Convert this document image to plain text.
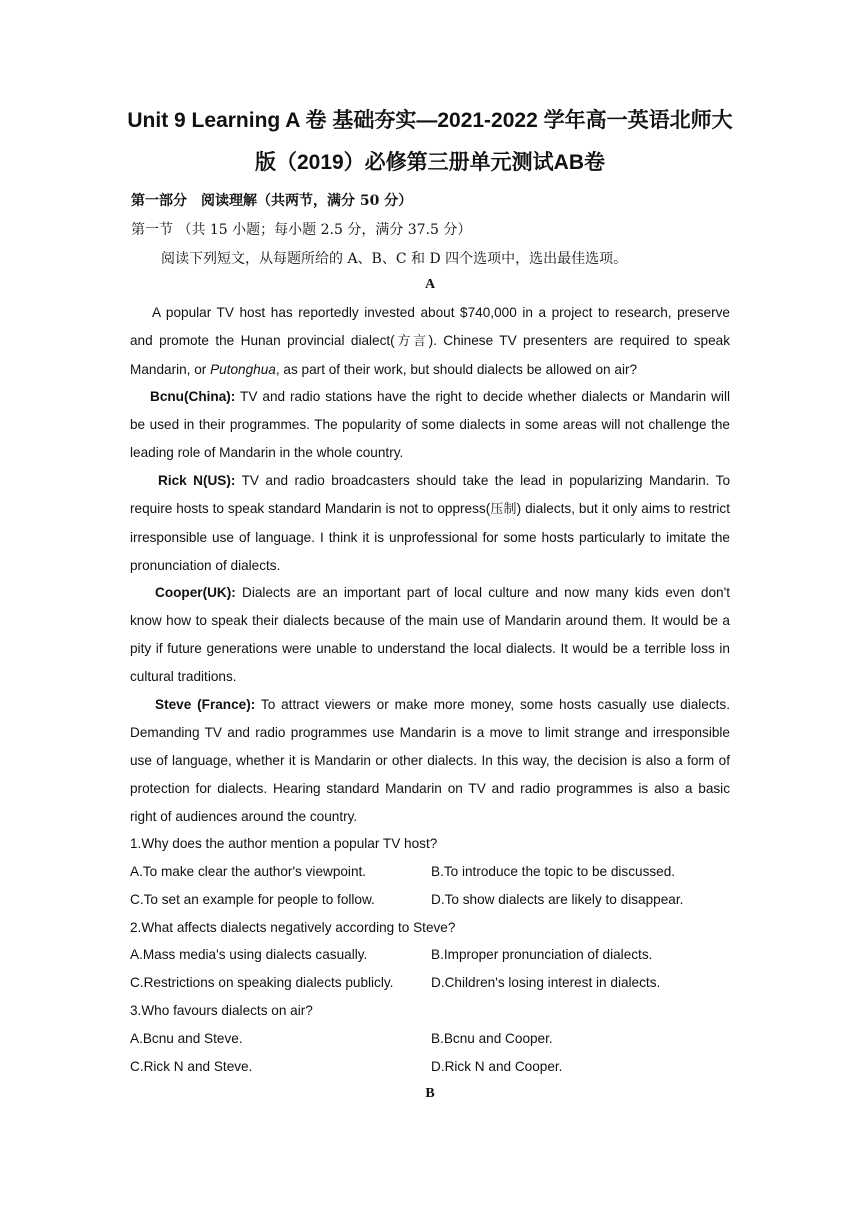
Unit 9 Learning A 卷 基础夯实—2021-2022 学年高一英语北师大
版（2019）必修第三册单元测试AB卷
第一部分　阅读理解（共两节，满分 50 分）
第一节 （共 15 小题；每小题 2.5 分，满分 37.5 分）
阅读下列短文，从每题所给的 A、B、C 和 D 四个选项中，选出最佳选项。
A
A popular TV host has reportedly invested about $740,000 in a project to research, preserve and promote the Hunan provincial dialect(方言). Chinese TV presenters are required to speak Mandarin, or Putonghua, as part of their work, but should dialects be allowed on air?
Bcnu(China): TV and radio stations have the right to decide whether dialects or Mandarin will be used in their programmes. The popularity of some dialects in some areas will not challenge the leading role of Mandarin in the whole country.
Rick N(US): TV and radio broadcasters should take the lead in popularizing Mandarin. To require hosts to speak standard Mandarin is not to oppress(压制) dialects, but it only aims to restrict irresponsible use of language. I think it is unprofessional for some hosts particularly to imitate the pronunciation of dialects.
Cooper(UK): Dialects are an important part of local culture and now many kids even don't know how to speak their dialects because of the main use of Mandarin around them. It would be a pity if future generations were unable to understand the local dialects. It would be a terrible loss in cultural traditions.
Steve (France): To attract viewers or make more money, some hosts casually use dialects. Demanding TV and radio programmes use Mandarin is a move to limit strange and irresponsible use of language, whether it is Mandarin or other dialects. In this way, the decision is also a form of protection for dialects. Hearing standard Mandarin on TV and radio programmes is also a basic right of audiences around the country.
1.Why does the author mention a popular TV host?
A.To make clear the author's viewpoint.	B.To introduce the topic to be discussed.
C.To set an example for people to follow.	D.To show dialects are likely to disappear.
2.What affects dialects negatively according to Steve?
A.Mass media's using dialects casually.	B.Improper pronunciation of dialects.
C.Restrictions on speaking dialects publicly.	D.Children's losing interest in dialects.
3.Who favours dialects on air?
A.Bcnu and Steve.	B.Bcnu and Cooper.
C.Rick N and Steve.	D.Rick N and Cooper.
B
